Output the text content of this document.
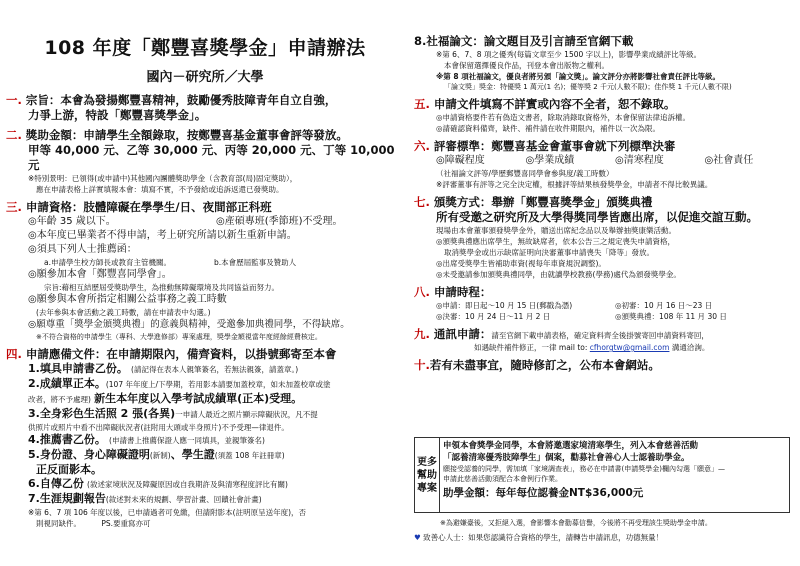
108 年度「鄭豐喜獎學金」申請辦法
國內－研究所／大學
一. 宗旨：本會為發揚鄭豐喜精神，鼓勵優秀肢障青年自立自強，
力爭上游，特設「鄭豐喜獎學金」。
二. 獎助金額：申請學生全額錄取，按鄭豐喜基金董事會評等發放。
甲等 40,000 元、乙等 30,000 元、丙等 20,000 元、丁等 10,000 元
※特別景明：已領得(或申請中)其他國內團體獎助學金（含教育部(局)固定獎助），
應在申請表格上詳實填報本會：填寫不實，不予發給或追訴返還已發獎助。
三. 申請資格：肢體障礙在學學生/日、夜間部正科班
◎年齡 35 歲以下。	◎產碩專班(季節班)不受理。
◎本年度已畢業者不得申請，考上研究所請以新生重新申請。
◎須具下列人士推薦函：
a.申請學生校方師長或教育主管機關。	b.本會歷屆監事及贊助人
◎願參加本會「鄭豐喜同學會」。
宗旨:藉相互結歷屆受獎助學生，為推動無障礙環境及共同協益而努力。
◎願參與本會所指定相關公益事務之義工時數
(去年參與本會活動之義工時數，請在申請表中勾選。)
◎願尊重「獎學金頒獎典禮」的意義與精神，受邀參加典禮同學，不得缺席。
※不符合資格的申請學生（專科、大學進修部）專案處理，獎學金額視當年度經餘經費核定。
四. 申請應備文件：在申請期限內，備齊資料，以掛號郵寄至本會
1.填具申請書乙份。 (請記得在表本人親筆簽名，若無法親簽，請蓋章。)
2.成績單正本。(107 年年度上/下學期，若用影本請要加蓋校章，如未加蓋校章或塗
改者，將不予處理) 新生本年度以入學考試成績單(正本)受理。
3.全身彩色生活照 2 張(各異)一申請人最近之照片顯示障礙狀況，凡不提
供照片或照片中看不出障礙狀況者(註附用大頭或半身照片)不予受理—律退件。
4.推薦書乙份。 (申請書上推薦保證人應一同填具，並親筆簽名)
5.身份證、身心障礙證明(新制)、學生證(須蓋 108 年註冊章)
正反面影本。
6.自傳乙份 (敘述家境狀況及障礙原因或自我期許及與清寒程度評比有關)
7.生涯規劃報告(敘述對未來的規劃、學習計畫、回饋社會計畫)
※第 6、7 項 106 年度以後，已申請過者可免繳，但請附影本(註明原呈送年度)，否
則視同缺件。	PS.要重寫亦可
8.社福論文：論文題目及引言請至官網下載
※第 6、7、8 項之優秀(每篇文章至少 1500 字以上)，影響學業成績評比等級。
本會保留選擇優良作品，刊登本會出版物之權利。
※第 8 項社福論文，優良者將另頒「論文獎」。論文評分亦將影響社會責任評比等級。
「論文獎」獎金：特優獎 1 萬元(1 名)；優等獎 2 千元(人數不限)；佳作獎 1 千元(人數不限)
五. 申請文件填寫不詳實或內容不全者，恕不錄取。
◎申請資格要件若有偽造文書者，除取消錄取資格外，本會保留法律追訴權。
◎請確認資料備齊，缺件、補件請在收件期限內，補件以一次為限。
六. 評審標準：鄭豐喜基金會董事會就下列標準決審
◎障礙程度	◎學業成績	◎清寒程度	◎社會責任
（社福論文評等/學歷郵豐喜同學會參與度/義工時數）
※評審董事有評等之完全決定權，根據評等結果核發獎學金，申請者不得比較異議。
七. 頒獎方式：舉辦「鄭豐喜獎學金」頒獎典禮
所有受邀之研究所及大學得獎同學皆應出席，以促進交誼互動。
現場由本會董事頒發獎學金外，贈送出席紀念品以及舉辦抽獎康樂活動。
◎頒獎典禮應出席學生，無故缺席者，依本公告三之規定喪失申請資格，
取消獎學金或出示缺席証明向決審董事申請喪失「降等」發放。
◎出席受獎學生皆補助車資(視每年車資規況調整)。
◎未受邀請參加頒獎典禮同學，由就讀學校教務(學務)處代為頒發獎學金。
八. 申請時程：
◎申請：即日起～10 月 15 日(郵戳為憑)	◎初審：10 月 16 日～23 日
◎決審：10 月 24 日～11 月 2 日	◎頒獎典禮：108 年 11 月 30 日
九. 通訊申請：請至官網下載申請表格，確定資料齊全後掛號寄回申請資料寄回，
如遇缺件補件修正，一律 mail to: cfhorgtw@gmail.com 溝通洽詢。
十.若有未盡事宜，隨時修訂之，公布本會網站。
更多幫助專案
申領本會獎學金同學，本會將邀選家境清寒學生，列入本會慈善活動
「認養清寒優秀肢障學生」個案，勸募社會善心人士認養助學金。
願接受認養的同學，需加填「家境調查表」，務必在申請書(申請獎學金)欄內勾選「願意」—
申請此慈善活動須配合本會例行作業。
助學金額：每年每位認養金NT$36,000元
※為避嫌臺後，又拒絕入選，會影響本會勸募信譽，今後將不再受理該生獎助學金申請。
♥ 致善心人士：如果您認識符合資格的學生，請轉告申請訊息，功德無量！
